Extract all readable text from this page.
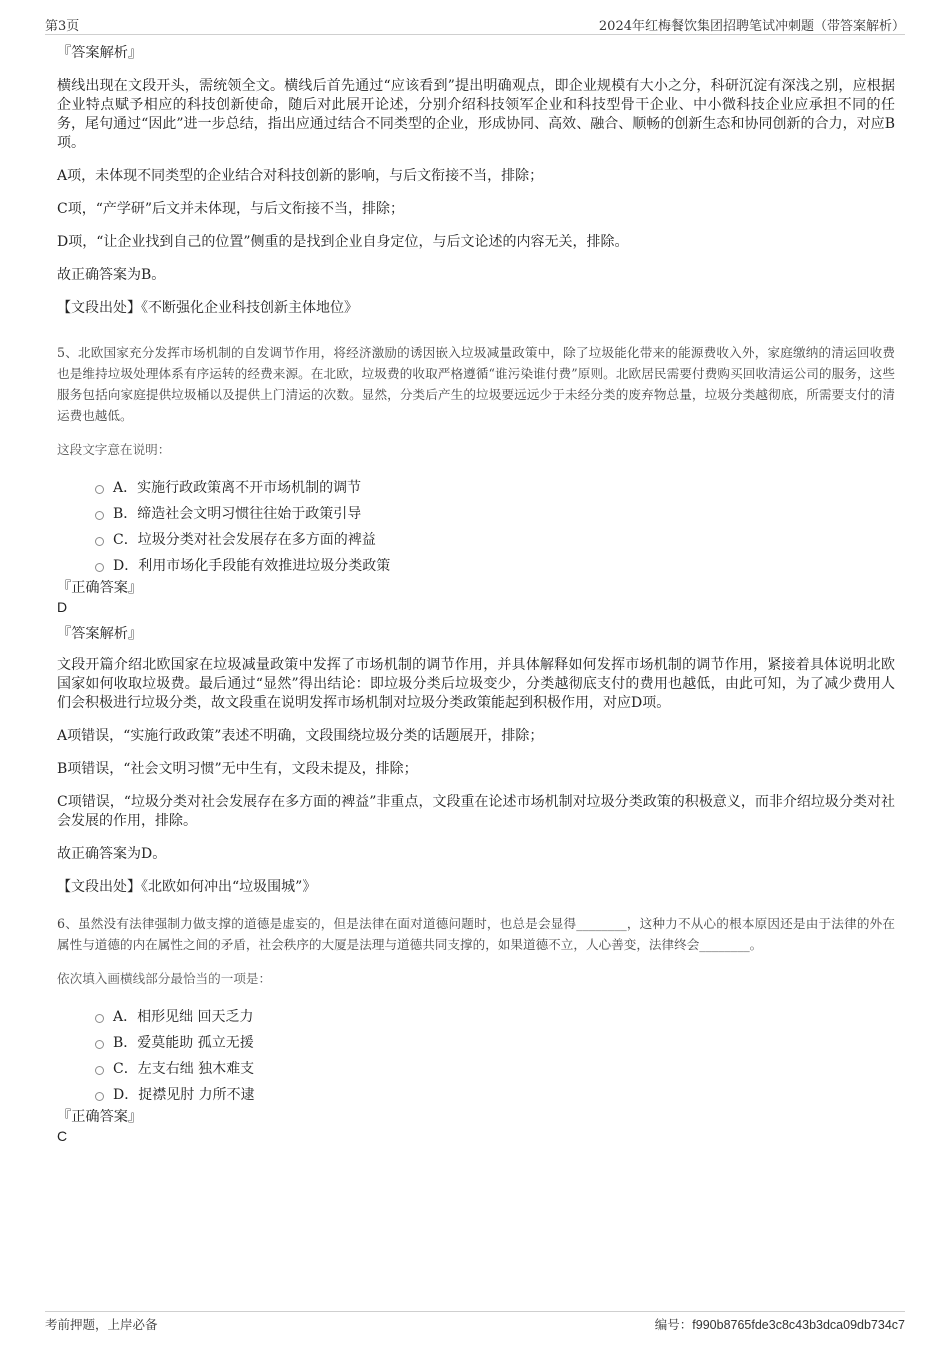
第3页	2024年红梅餐饮集团招聘笔试冲刺题（带答案解析）
『答案解析』
横线出现在文段开头，需统领全文。横线后首先通过“应该看到”提出明确观点，即企业规模有大小之分，科研沉淀有深浅之别，应根据企业特点赋予相应的科技创新使命，随后对此展开论述，分别介绍科技领军企业和科技型骨干企业、中小微科技企业应承担不同的任务，尾句通过“因此”进一步总结，指出应通过结合不同类型的企业，形成协同、高效、融合、顺畅的创新生态和协同创新的合力，对应B项。
A项，未体现不同类型的企业结合对科技创新的影响，与后文衔接不当，排除；
C项，“产学研”后文并未体现，与后文衔接不当，排除；
D项，“让企业找到自己的位置”侧重的是找到企业自身定位，与后文论述的内容无关，排除。
故正确答案为B。
【文段出处】《不断强化企业科技创新主体地位》
5、北欧国家充分发挥市场机制的自发调节作用，将经济激励的诱因嵌入垃圾减量政策中，除了垃圾能化带来的能源费收入外，家庭缴纳的清运回收费也是维持垃圾处理体系有序运转的经费来源。在北欧，垃圾费的收取严格遵循“谁污染谁付费”原则。北欧居民需要付费购买回收清运公司的服务，这些服务包括向家庭提供垃圾桶以及提供上门清运的次数。显然，分类后产生的垃圾要远远少于未经分类的废弃物总量，垃圾分类越彻底，所需要支付的清运费也越低。
这段文字意在说明：
A．实施行政政策离不开市场机制的调节
B．缔造社会文明习惯往往始于政策引导
C．垃圾分类对社会发展存在多方面的裨益
D．利用市场化手段能有效推进垃圾分类政策
『正确答案』
D
『答案解析』
文段开篇介绍北欧国家在垃圾减量政策中发挥了市场机制的调节作用，并具体解释如何发挥市场机制的调节作用，紧接着具体说明北欧国家如何收取垃圾费。最后通过“显然”得出结论：即垃圾分类后垃圾变少，分类越彻底支付的费用也越低，由此可知，为了减少费用人们会积极进行垃圾分类，故文段重在说明发挥市场机制对垃圾分类政策能起到积极作用，对应D项。
A项错误，“实施行政政策”表述不明确，文段围绕垃圾分类的话题展开，排除；
B项错误，“社会文明习惯”无中生有，文段未提及，排除；
C项错误，“垃圾分类对社会发展存在多方面的裨益”非重点，文段重在论述市场机制对垃圾分类政策的积极意义，而非介绍垃圾分类对社会发展的作用，排除。
故正确答案为D。
【文段出处】《北欧如何冲出“垃圾围城”》
6、虽然没有法律强制力做支撑的道德是虚妄的，但是法律在面对道德问题时，也总是会显得________，这种力不从心的根本原因还是由于法律的外在属性与道德的内在属性之间的矛盾，社会秩序的大厦是法理与道德共同支撑的，如果道德不立，人心善变，法律终会________。
依次填入画横线部分最恰当的一项是：
A．相形见绌 回天乏力
B．爱莫能助 孤立无援
C．左支右绌 独木难支
D．捉襟见肘 力所不逮
『正确答案』
C
考前押题，上岸必备	编号：f990b8765fde3c8c43b3dca09db734c7
